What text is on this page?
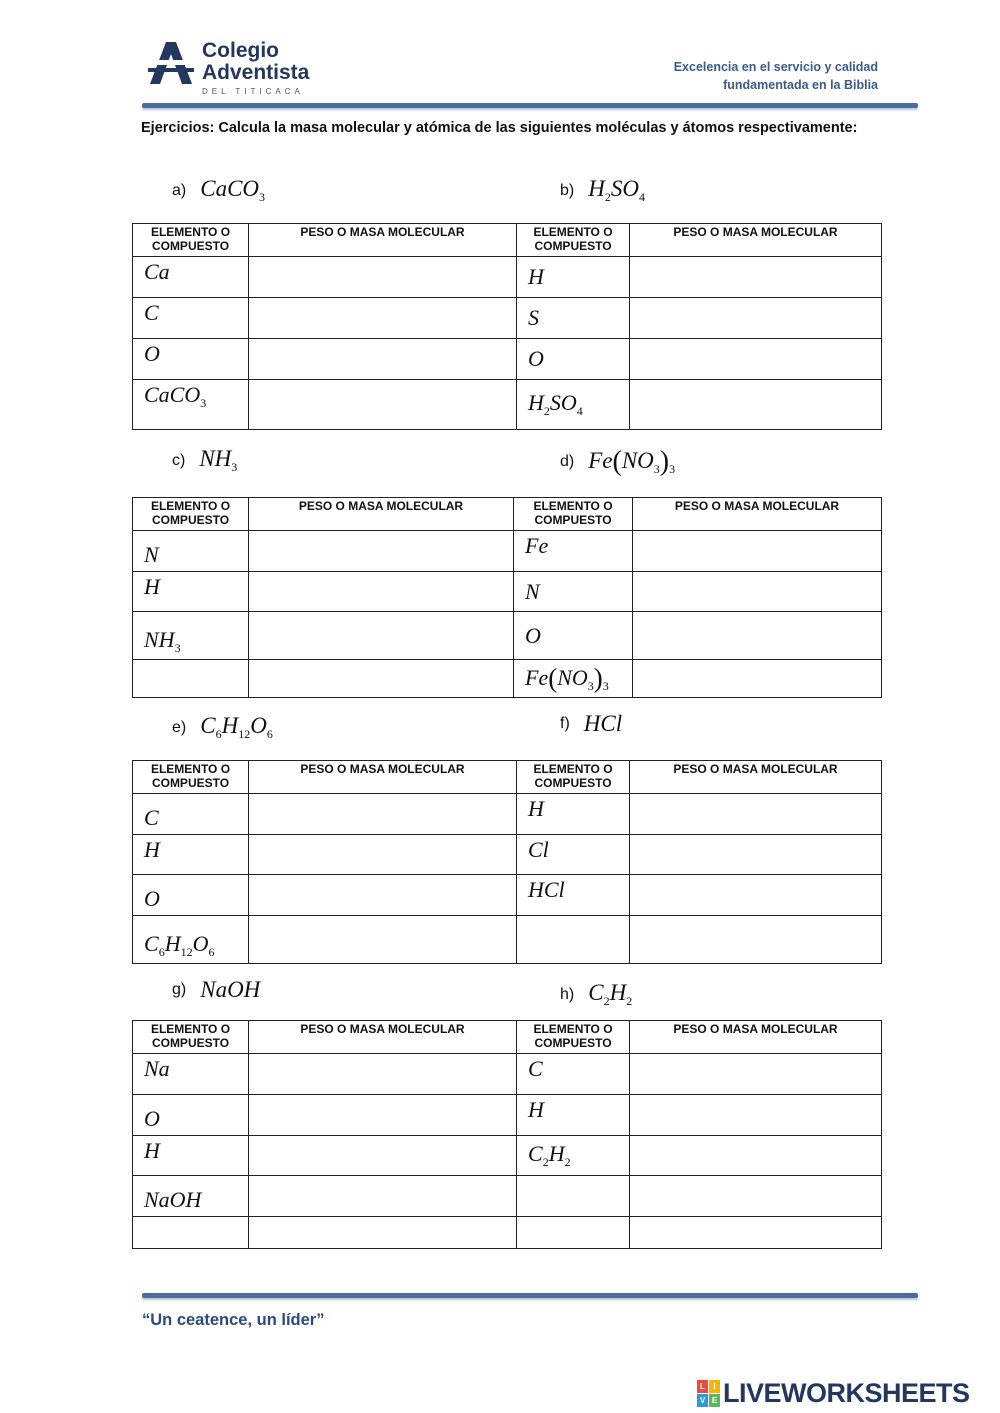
Colegio
Adventista
DEL TITICACA
Excelencia en el servicio y calidad
fundamentada en la Biblia
Ejercicios: Calcula la masa molecular y atómica de las siguientes moléculas y átomos respectivamente:
a) CaCO$_3$	b) $H_2SO_4$
ELEMENTO O COMPUESTO	PESO O MASA MOLECULAR	ELEMENTO O COMPUESTO	PESO O MASA MOLECULAR
Ca		H	
C		S	
O		O	
CaCO$_3$		$H_2SO_4$	
c) $NH_3$	d) $Fe(NO_3)_3$
ELEMENTO O COMPUESTO	PESO O MASA MOLECULAR	ELEMENTO O COMPUESTO	PESO O MASA MOLECULAR
N		Fe	
H		N	
$NH_3$		O	
		$Fe(NO_3)_3$	
e) $C_6H_{12}O_6$
f) HCl
ELEMENTO O COMPUESTO	PESO O MASA MOLECULAR	ELEMENTO O COMPUESTO	PESO O MASA MOLECULAR
C		H	
H		Cl	
O		HCl	
$C_6H_{12}O_6$			
g) NaOH	h) $C_2H_2$
ELEMENTO O COMPUESTO	PESO O MASA MOLECULAR	ELEMENTO O COMPUESTO	PESO O MASA MOLECULAR
Na		C	
O		H	
H		$C_2H_2$	
NaOH			

“Un ceatence, un líder”
L	I
V E LIVEWORKSHEETS
